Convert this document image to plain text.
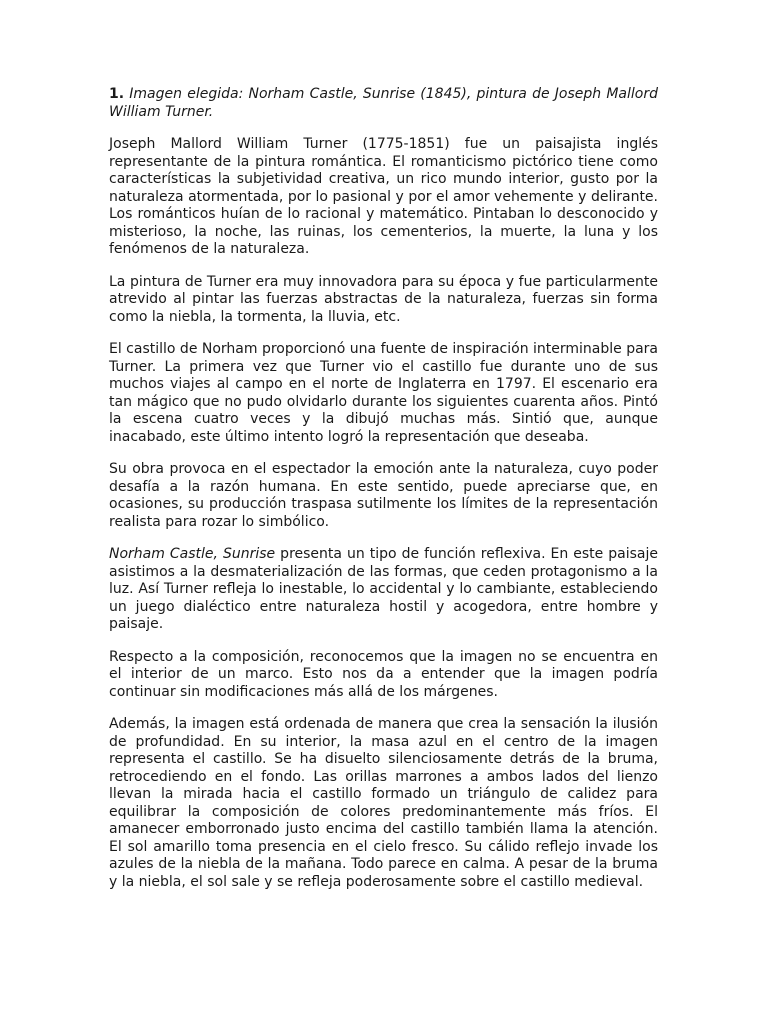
1. Imagen elegida: Norham Castle, Sunrise (1845), pintura de Joseph Mallord William Turner.

Joseph Mallord William Turner (1775-1851) fue un paisajista inglés representante de la pintura romántica. El romanticismo pictórico tiene como características la subjetividad creativa, un rico mundo interior, gusto por la naturaleza atormentada, por lo pasional y por el amor vehemente y delirante. Los románticos huían de lo racional y matemático. Pintaban lo desconocido y misterioso, la noche, las ruinas, los cementerios, la muerte, la luna y los fenómenos de la naturaleza.

La pintura de Turner era muy innovadora para su época y fue particularmente atrevido al pintar las fuerzas abstractas de la naturaleza, fuerzas sin forma como la niebla, la tormenta, la lluvia, etc.

El castillo de Norham proporcionó una fuente de inspiración interminable para Turner. La primera vez que Turner vio el castillo fue durante uno de sus muchos viajes al campo en el norte de Inglaterra en 1797. El escenario era tan mágico que no pudo olvidarlo durante los siguientes cuarenta años. Pintó la escena cuatro veces y la dibujó muchas más. Sintió que, aunque inacabado, este último intento logró la representación que deseaba.

Su obra provoca en el espectador la emoción ante la naturaleza, cuyo poder desafía a la razón humana. En este sentido, puede apreciarse que, en ocasiones, su producción traspasa sutilmente los límites de la representación realista para rozar lo simbólico.

Norham Castle, Sunrise presenta un tipo de función reflexiva. En este paisaje asistimos a la desmaterialización de las formas, que ceden protagonismo a la luz. Así Turner refleja lo inestable, lo accidental y lo cambiante, estableciendo un juego dialéctico entre naturaleza hostil y acogedora, entre hombre y paisaje.

Respecto a la composición, reconocemos que la imagen no se encuentra en el interior de un marco. Esto nos da a entender que la imagen podría continuar sin modificaciones más allá de los márgenes.

Además, la imagen está ordenada de manera que crea la sensación la ilusión de profundidad. En su interior, la masa azul en el centro de la imagen representa el castillo. Se ha disuelto silenciosamente detrás de la bruma, retrocediendo en el fondo. Las orillas marrones a ambos lados del lienzo llevan la mirada hacia el castillo formado un triángulo de calidez para equilibrar la composición de colores predominantemente más fríos. El amanecer emborronado justo encima del castillo también llama la atención. El sol amarillo toma presencia en el cielo fresco. Su cálido reflejo invade los azules de la niebla de la mañana. Todo parece en calma. A pesar de la bruma y la niebla, el sol sale y se refleja poderosamente sobre el castillo medieval.
